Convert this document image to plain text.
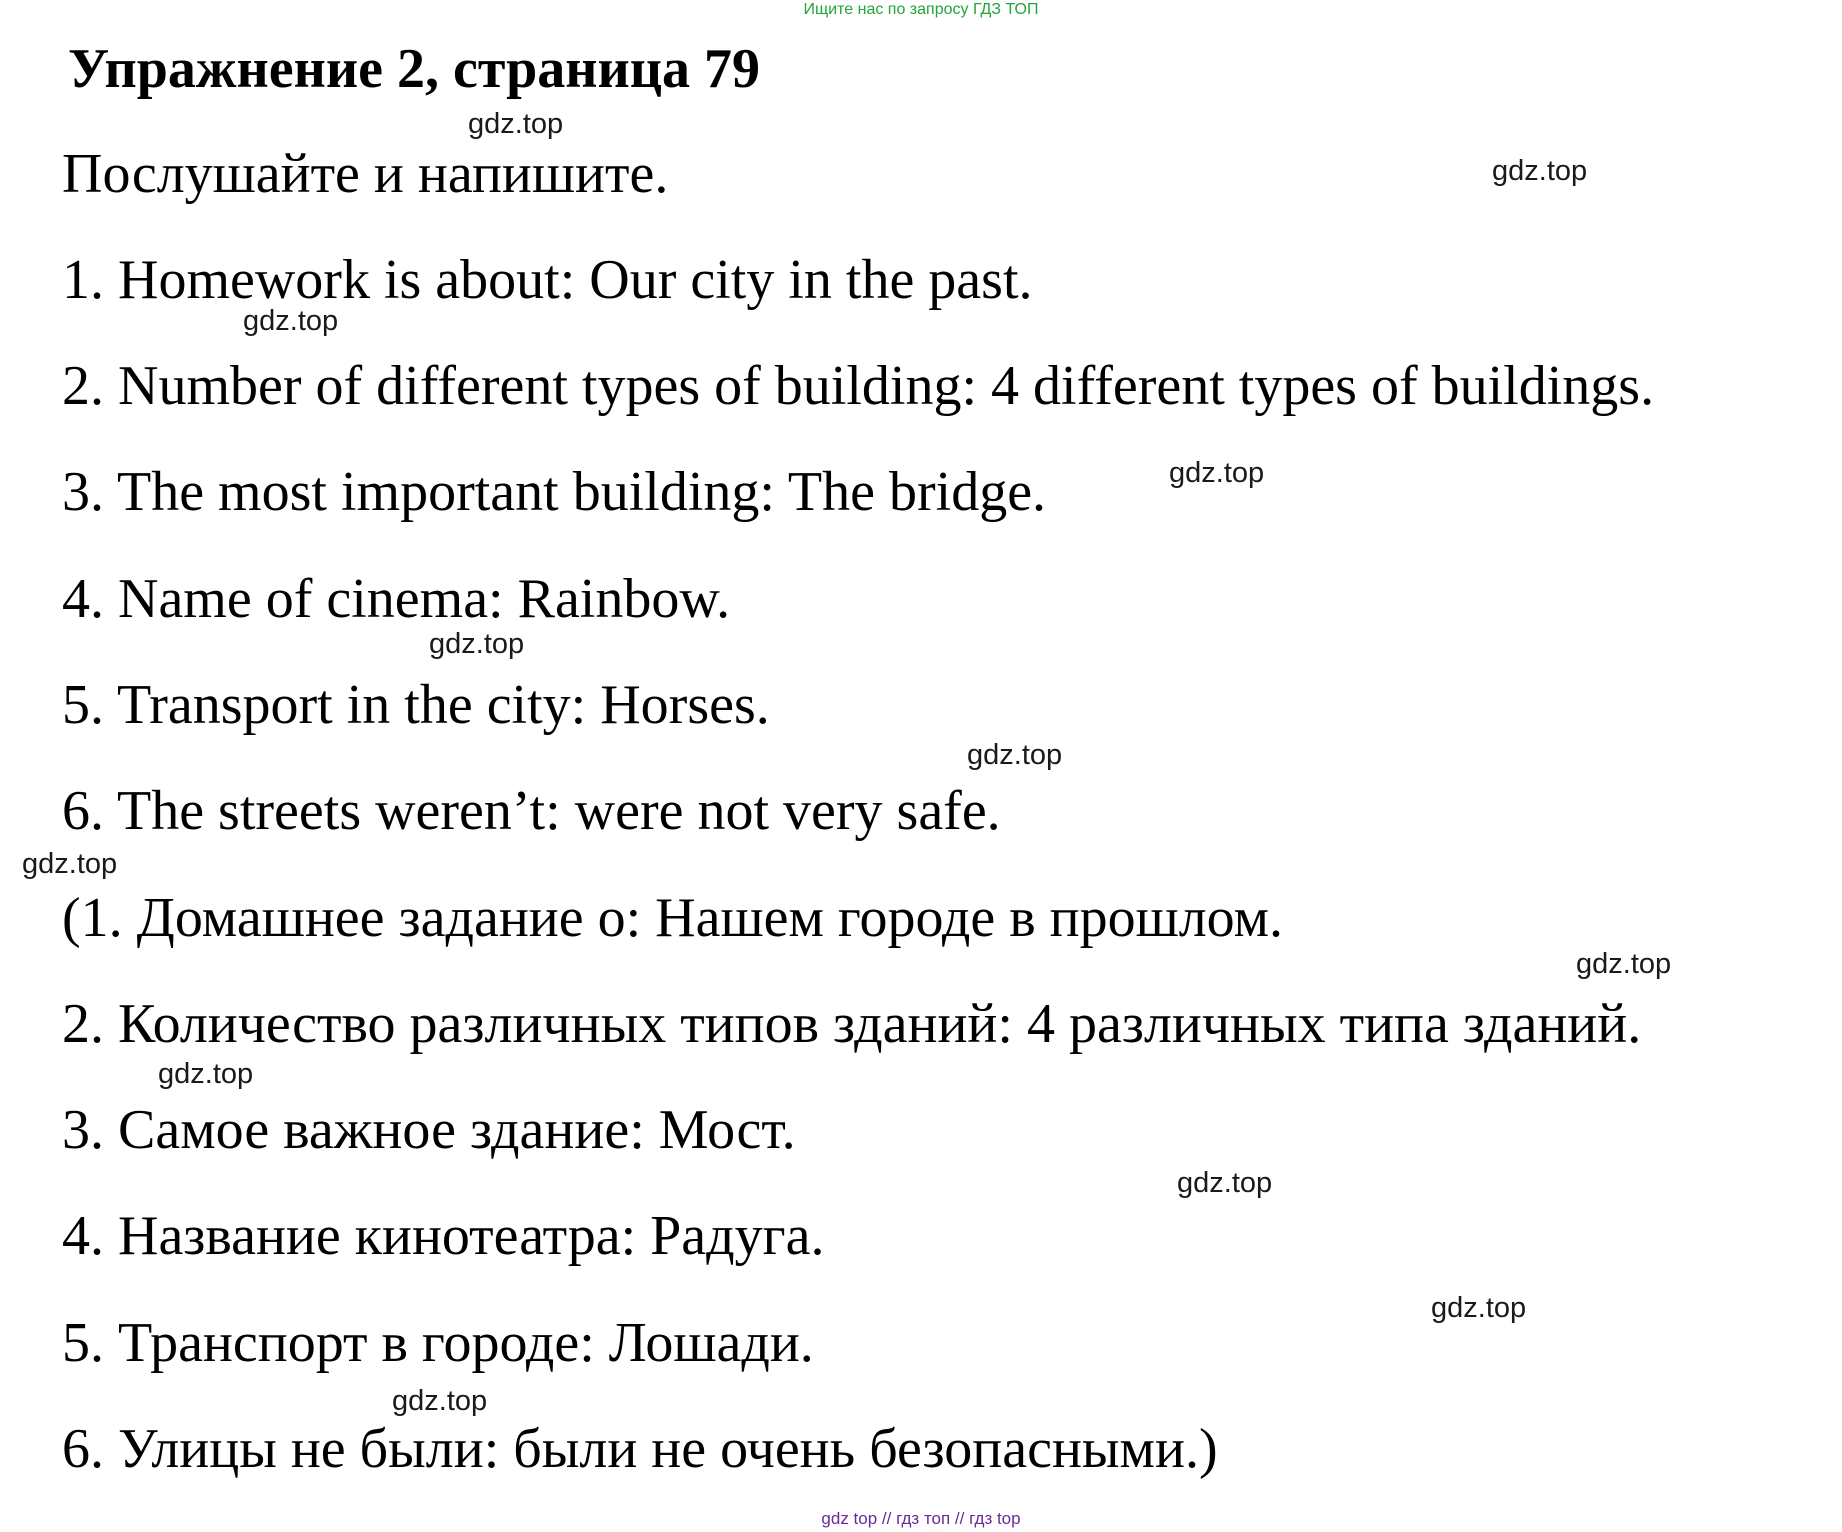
Ищите нас по запросу ГДЗ ТОП
Упражнение 2, страница 79
Послушайте и напишите.
1. Homework is about: Our city in the past.
2. Number of different types of building: 4 different types of buildings.
3. The most important building: The bridge.
4. Name of cinema: Rainbow.
5. Transport in the city: Horses.
6. The streets weren’t: were not very safe.
(1. Домашнее задание о: Нашем городе в прошлом.
2. Количество различных типов зданий: 4 различных типа зданий.
3. Самое важное здание: Мост.
4. Название кинотеатра: Радуга.
5. Транспорт в городе: Лошади.
6. Улицы не были: были не очень безопасными.)
gdz.top
gdz.top
gdz.top
gdz.top
gdz.top
gdz.top
gdz.top
gdz.top
gdz.top
gdz.top
gdz.top
gdz.top
gdz top // гдз топ // гдз top
